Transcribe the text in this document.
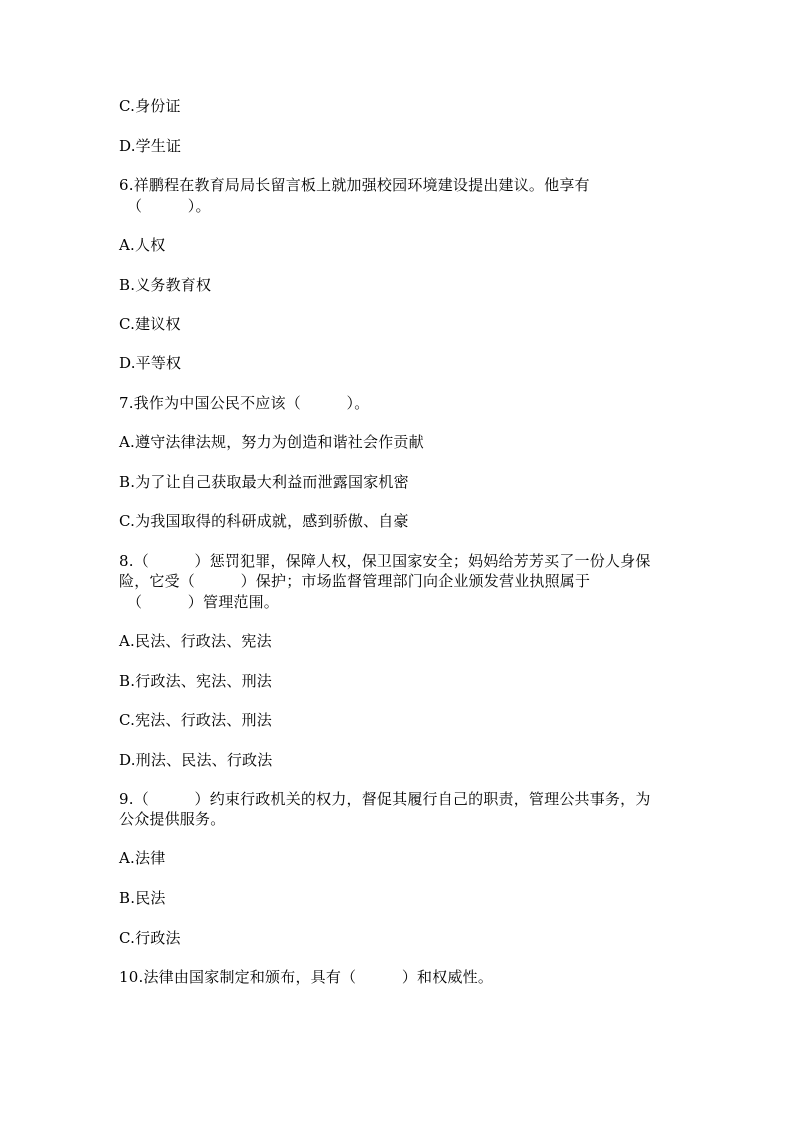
C.身份证
D.学生证
6.祥鹏程在教育局局长留言板上就加强校园环境建设提出建议。他享有
（　　　）。
A.人权
B.义务教育权
C.建议权
D.平等权
7.我作为中国公民不应该（　　　）。
A.遵守法律法规，努力为创造和谐社会作贡献
B.为了让自己获取最大利益而泄露国家机密
C.为我国取得的科研成就，感到骄傲、自豪
8.（　　　）惩罚犯罪，保障人权，保卫国家安全；妈妈给芳芳买了一份人身保
险，它受（　　　）保护；市场监督管理部门向企业颁发营业执照属于
（　　　）管理范围。
A.民法、行政法、宪法
B.行政法、宪法、刑法
C.宪法、行政法、刑法
D.刑法、民法、行政法
9.（　　　）约束行政机关的权力，督促其履行自己的职责，管理公共事务，为
公众提供服务。
A.法律
B.民法
C.行政法
10.法律由国家制定和颁布，具有（　　　）和权威性。
